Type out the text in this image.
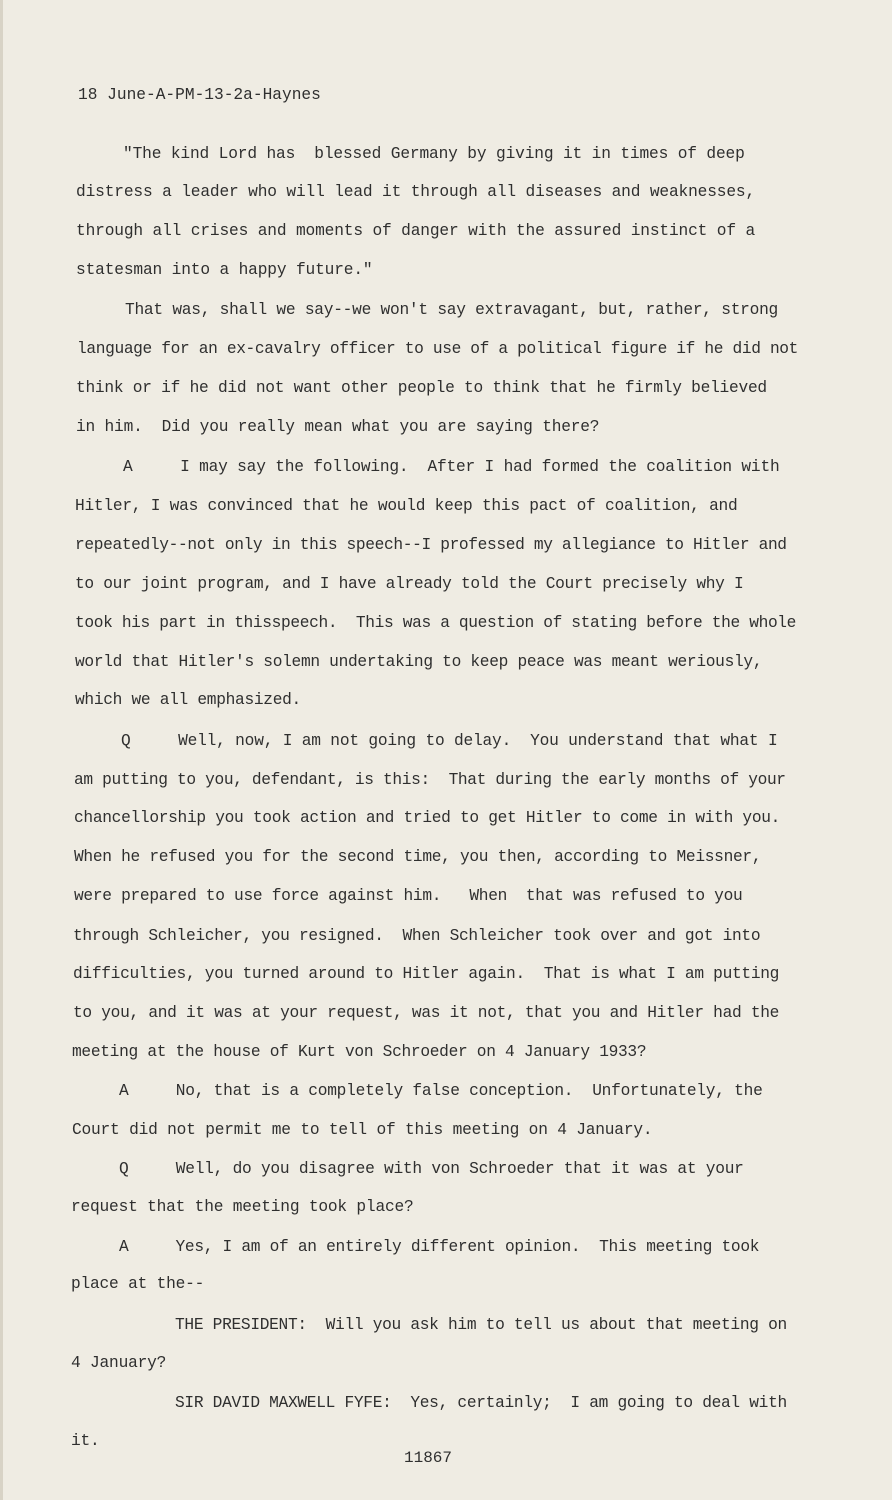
18 June-A-PM-13-2a-Haynes
"The kind Lord has  blessed Germany by giving it in times of deep
distress a leader who will lead it through all diseases and weaknesses,
through all crises and moments of danger with the assured instinct of a
statesman into a happy future."
That was, shall we say--we won't say extravagant, but, rather, strong
language for an ex-cavalry officer to use of a political figure if he did not
think or if he did not want other people to think that he firmly believed
in him.  Did you really mean what you are saying there?
A     I may say the following.  After I had formed the coalition with
Hitler, I was convinced that he would keep this pact of coalition, and
repeatedly--not only in this speech--I professed my allegiance to Hitler and
to our joint program, and I have already told the Court precisely why I
took his part in thisspeech.  This was a question of stating before the whole
world that Hitler's solemn undertaking to keep peace was meant weriously,
which we all emphasized.
Q     Well, now, I am not going to delay.  You understand that what I
am putting to you, defendant, is this:  That during the early months of your
chancellorship you took action and tried to get Hitler to come in with you.
When he refused you for the second time, you then, according to Meissner,
were prepared to use force against him.   When  that was refused to you
through Schleicher, you resigned.  When Schleicher took over and got into
difficulties, you turned around to Hitler again.  That is what I am putting
to you, and it was at your request, was it not, that you and Hitler had the
meeting at the house of Kurt von Schroeder on 4 January 1933?
A     No, that is a completely false conception.  Unfortunately, the
Court did not permit me to tell of this meeting on 4 January.
Q     Well, do you disagree with von Schroeder that it was at your
request that the meeting took place?
A     Yes, I am of an entirely different opinion.  This meeting took
place at the--
THE PRESIDENT:  Will you ask him to tell us about that meeting on
4 January?
SIR DAVID MAXWELL FYFE:  Yes, certainly;  I am going to deal with
it.
11867
